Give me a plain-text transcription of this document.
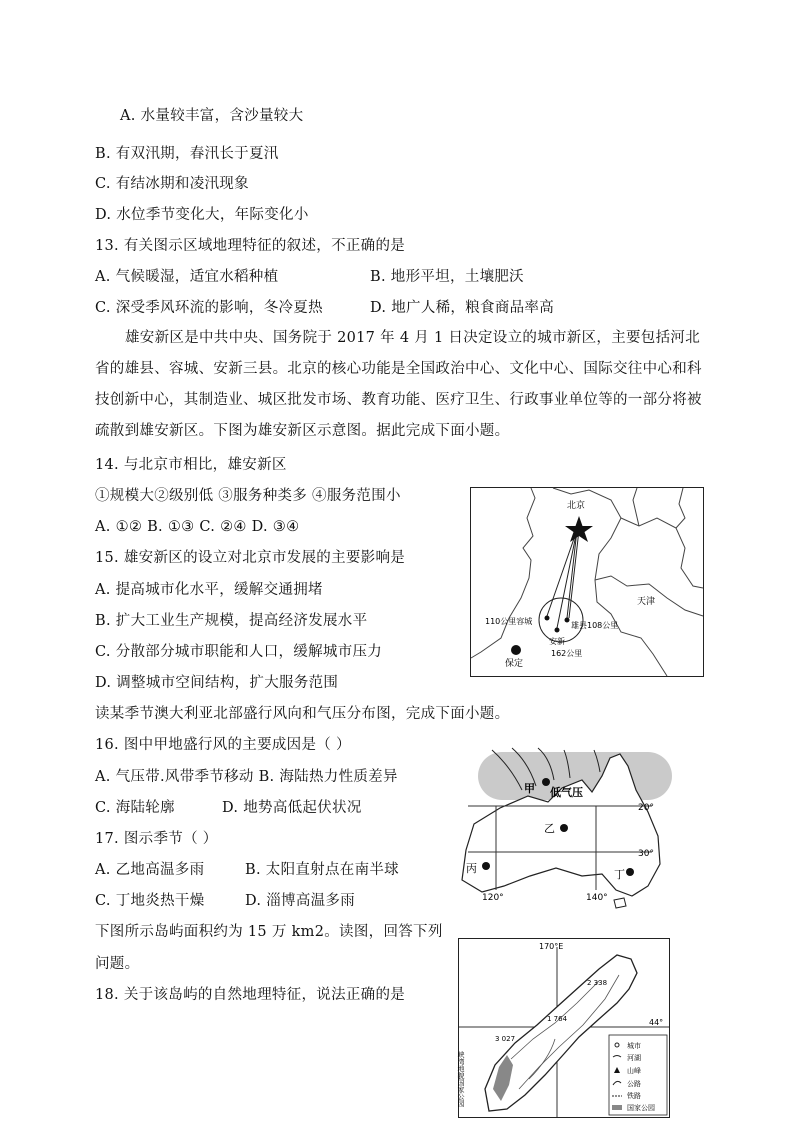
A. 水量较丰富，含沙量较大
B. 有双汛期，春汛长于夏汛
C. 有结冰期和凌汛现象
D. 水位季节变化大，年际变化小
13. 有关图示区域地理特征的叙述，不正确的是
A. 气候暖湿，适宜水稻种植	B. 地形平坦，土壤肥沃
C. 深受季风环流的影响，冬冷夏热	D. 地广人稀，粮食商品率高
雄安新区是中共中央、国务院于 2017 年 4 月 1 日决定设立的城市新区，主要包括河北省的雄县、容城、安新三县。北京的核心功能是全国政治中心、文化中心、国际交往中心和科技创新中心，其制造业、城区批发市场、教育功能、医疗卫生、行政事业单位等的一部分将被疏散到雄安新区。下图为雄安新区示意图。据此完成下面小题。
14. 与北京市相比，雄安新区
①规模大②级别低 ③服务种类多 ④服务范围小
A. ①② B. ①③ C. ②④ D. ③④
15. 雄安新区的设立对北京市发展的主要影响是
A. 提高城市化水平，缓解交通拥堵
B. 扩大工业生产规模，提高经济发展水平
C. 分散部分城市职能和人口，缓解城市压力
D. 调整城市空间结构，扩大服务范围
读某季节澳大利亚北部盛行风向和气压分布图，完成下面小题。
16. 图中甲地盛行风的主要成因是（ ）
A. 气压带.风带季节移动 B. 海陆热力性质差异
C. 海陆轮廓	D. 地势高低起伏状况
17. 图示季节（ ）
A. 乙地高温多雨	B. 太阳直射点在南半球
C. 丁地炎热干燥	D. 淄博高温多雨
下图所示岛屿面积约为 15 万 km2。读图，回答下列
问题。
18. 关于该岛屿的自然地理特征，说法正确的是
北京
天津
110公里容城	雄县108公里
安新
162公里
保定
甲 低气压
乙
丙	丁
20°
30°
120°	140°
170°E
44°
2 338
1 764
3 027
峡湾地貌国家公园
城市
河湖
山峰
公路
铁路
国家公园
